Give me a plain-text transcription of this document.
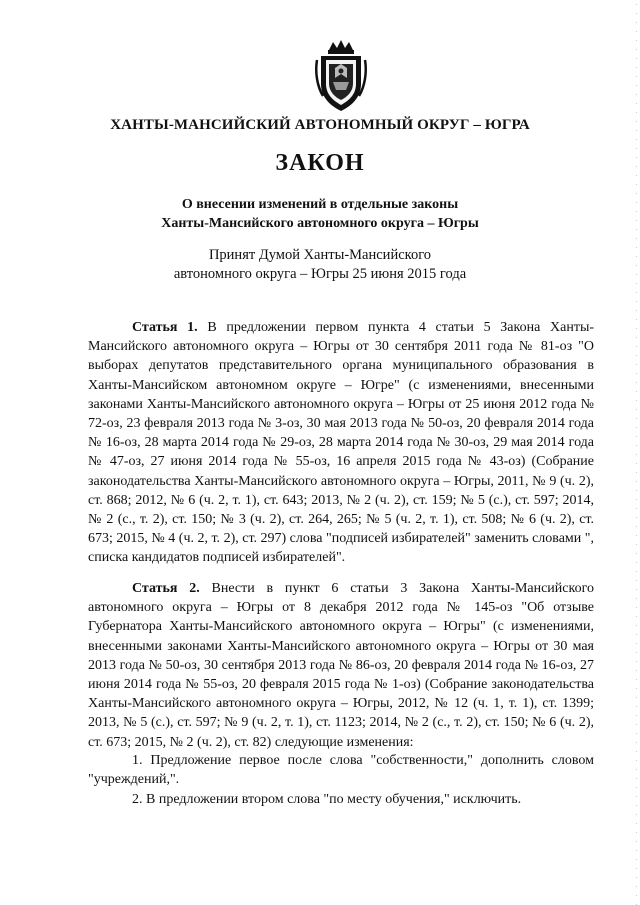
ХАНТЫ-МАНСИЙСКИЙ АВТОНОМНЫЙ ОКРУГ – ЮГРА
ЗАКОН
О внесении изменений в отдельные законы
Ханты-Мансийского автономного округа – Югры
Принят Думой Ханты-Мансийского
автономного округа – Югры 25 июня 2015 года
Статья 1. В предложении первом пункта 4 статьи 5 Закона Ханты-Мансийского автономного округа – Югры от 30 сентября 2011 года № 81-оз "О выборах депутатов представительного органа муниципального образования в Ханты-Мансийском автономном округе – Югре" (с изменениями, внесенными законами Ханты-Мансийского автономного округа – Югры от 25 июня 2012 года № 72-оз, 23 февраля 2013 года № 3-оз, 30 мая 2013 года № 50-оз, 20 февраля 2014 года № 16-оз, 28 марта 2014 года № 29-оз, 28 марта 2014 года № 30-оз, 29 мая 2014 года № 47-оз, 27 июня 2014 года № 55-оз, 16 апреля 2015 года № 43-оз) (Собрание законодательства Ханты-Мансийского автономного округа – Югры, 2011, № 9 (ч. 2), ст. 868; 2012, № 6 (ч. 2, т. 1), ст. 643; 2013, № 2 (ч. 2), ст. 159; № 5 (с.), ст. 597; 2014, № 2 (с., т. 2), ст. 150; № 3 (ч. 2), ст. 264, 265; № 5 (ч. 2, т. 1), ст. 508; № 6 (ч. 2), ст. 673; 2015, № 4 (ч. 2, т. 2), ст. 297) слова "подписей избирателей" заменить словами ", списка кандидатов подписей избирателей".
Статья 2. Внести в пункт 6 статьи 3 Закона Ханты-Мансийского автономного округа – Югры от 8 декабря 2012 года № 145-оз "Об отзыве Губернатора Ханты-Мансийского автономного округа – Югры" (с изменениями, внесенными законами Ханты-Мансийского автономного округа – Югры от 30 мая 2013 года № 50-оз, 30 сентября 2013 года № 86-оз, 20 февраля 2014 года № 16-оз, 27 июня 2014 года № 55-оз, 20 февраля 2015 года № 1-оз) (Собрание законодательства Ханты-Мансийского автономного округа – Югры, 2012, № 12 (ч. 1, т. 1), ст. 1399; 2013, № 5 (с.), ст. 597; № 9 (ч. 2, т. 1), ст. 1123; 2014, № 2 (с., т. 2), ст. 150; № 6 (ч. 2), ст. 673; 2015, № 2 (ч. 2), ст. 82) следующие изменения:
1. Предложение первое после слова "собственности," дополнить словом "учреждений,".
2. В предложении втором слова "по месту обучения," исключить.
